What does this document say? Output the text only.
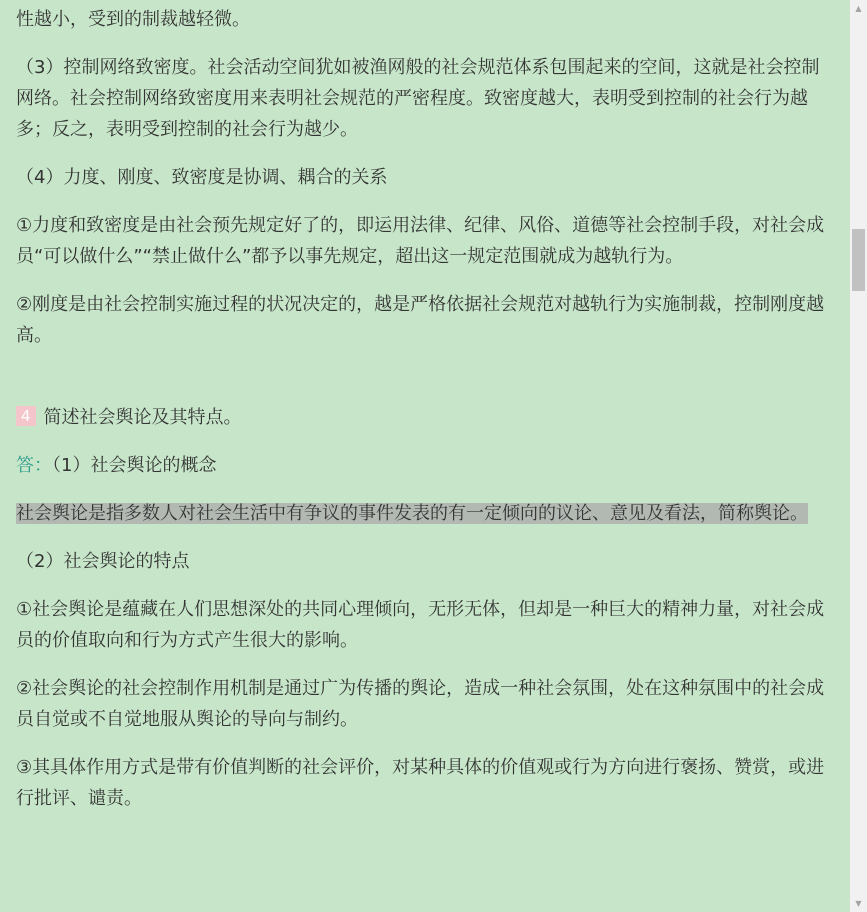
性越小，受到的制裁越轻微。

（3）控制网络致密度。社会活动空间犹如被渔网般的社会规范体系包围起来的空间，这就是社会控制网络。社会控制网络致密度用来表明社会规范的严密程度。致密度越大，表明受到控制的社会行为越多；反之，表明受到控制的社会行为越少。

（4）力度、刚度、致密度是协调、耦合的关系

①力度和致密度是由社会预先规定好了的，即运用法律、纪律、风俗、道德等社会控制手段，对社会成员“可以做什么”“禁止做什么”都予以事先规定，超出这一规定范围就成为越轨行为。

②刚度是由社会控制实施过程的状况决定的，越是严格依据社会规范对越轨行为实施制裁，控制刚度越高。

4 简述社会舆论及其特点。

答：（1）社会舆论的概念

社会舆论是指多数人对社会生活中有争议的事件发表的有一定倾向的议论、意见及看法，简称舆论。

（2）社会舆论的特点

①社会舆论是蕴藏在人们思想深处的共同心理倾向，无形无体，但却是一种巨大的精神力量，对社会成员的价值取向和行为方式产生很大的影响。

②社会舆论的社会控制作用机制是通过广为传播的舆论，造成一种社会氛围，处在这种氛围中的社会成员自觉或不自觉地服从舆论的导向与制约。

③其具体作用方式是带有价值判断的社会评价，对某种具体的价值观或行为方向进行褒扬、赞赏，或进行批评、谴责。

▲
▼
